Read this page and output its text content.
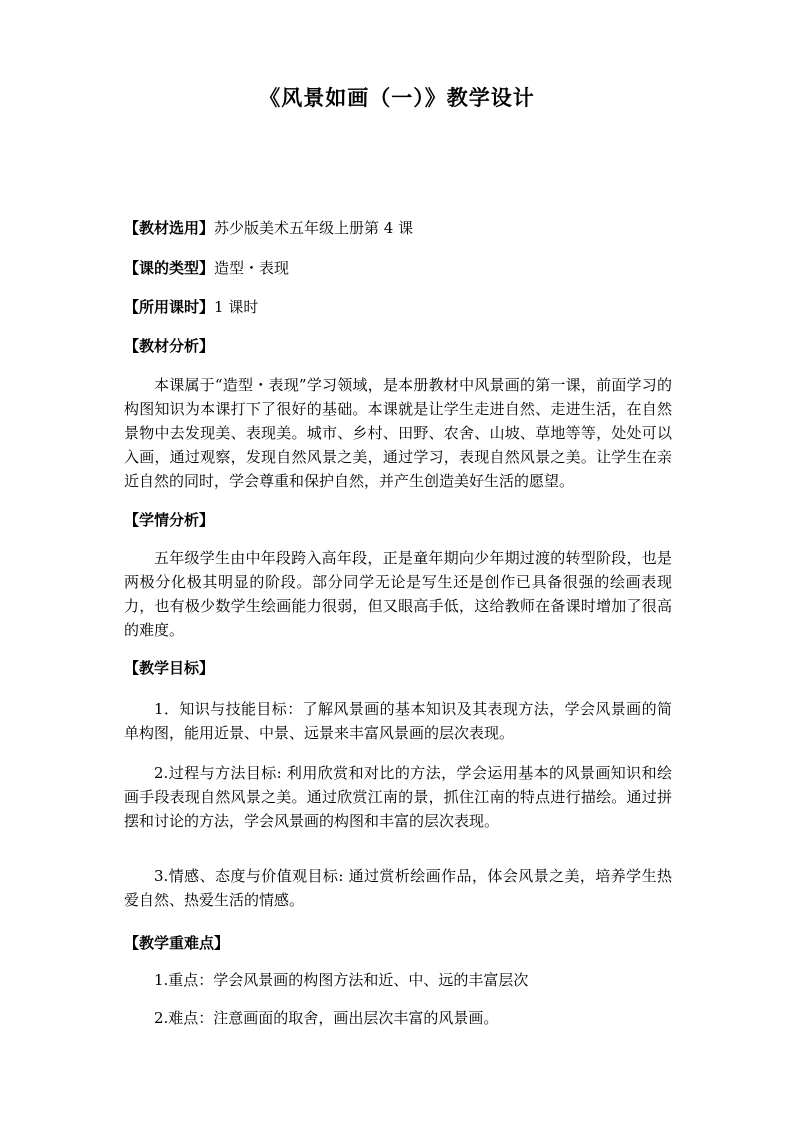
《风景如画（一）》教学设计
【教材选用】苏少版美术五年级上册第 4 课
【课的类型】造型・表现
【所用课时】1 课时
【教材分析】
本课属于“造型・表现”学习领域，是本册教材中风景画的第一课，前面学习的构图知识为本课打下了很好的基础。本课就是让学生走进自然、走进生活，在自然景物中去发现美、表现美。城市、乡村、田野、农舍、山坡、草地等等，处处可以入画，通过观察，发现自然风景之美，通过学习，表现自然风景之美。让学生在亲近自然的同时，学会尊重和保护自然，并产生创造美好生活的愿望。
【学情分析】
五年级学生由中年段跨入高年段，正是童年期向少年期过渡的转型阶段，也是两极分化极其明显的阶段。部分同学无论是写生还是创作已具备很强的绘画表现力，也有极少数学生绘画能力很弱，但又眼高手低，这给教师在备课时增加了很高的难度。
【教学目标】
1．知识与技能目标：了解风景画的基本知识及其表现方法，学会风景画的简单构图，能用近景、中景、远景来丰富风景画的层次表现。
2.过程与方法目标: 利用欣赏和对比的方法，学会运用基本的风景画知识和绘画手段表现自然风景之美。通过欣赏江南的景，抓住江南的特点进行描绘。通过拼摆和讨论的方法，学会风景画的构图和丰富的层次表现。
3.情感、态度与价值观目标: 通过赏析绘画作品，体会风景之美，培养学生热爱自然、热爱生活的情感。
【教学重难点】
1.重点：学会风景画的构图方法和近、中、远的丰富层次
2.难点：注意画面的取舍，画出层次丰富的风景画。
